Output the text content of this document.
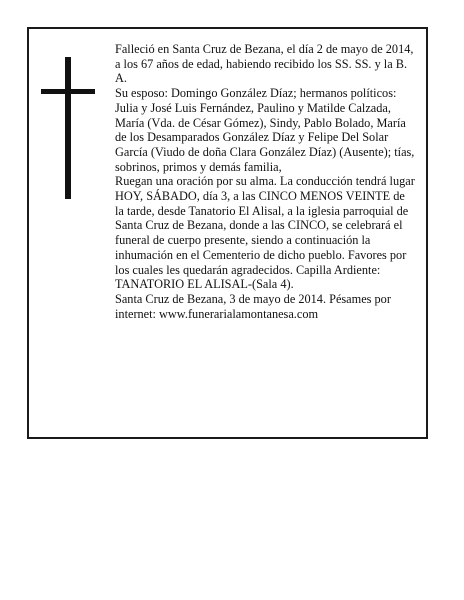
Falleció en Santa Cruz de Bezana, el día 2 de mayo de 2014, a los 67 años de edad, habiendo recibido los SS. SS. y la B. A.

Su esposo: Domingo González Díaz; hermanos políticos: Julia y José Luis Fernández, Paulino y Matilde Calzada, María (Vda. de César Gómez), Sindy, Pablo Bolado, María de los Desamparados González Díaz y Felipe Del Solar García (Viudo de doña Clara González Díaz) (Ausente); tías, sobrinos, primos y demás familia,

Ruegan una oración por su alma. La conducción tendrá lugar HOY, SÁBADO, día 3, a las CINCO MENOS VEINTE de la tarde, desde Tanatorio El Alisal, a la iglesia parroquial de Santa Cruz de Bezana, donde a las CINCO, se celebrará el funeral de cuerpo presente, siendo a continuación la inhumación en el Cementerio de dicho pueblo. Favores por los cuales les quedarán agradecidos. Capilla Ardiente: TANATORIO EL ALISAL-(Sala 4).

Santa Cruz de Bezana, 3 de mayo de 2014. Pésames por internet: www.funerarialamontanesa.com
